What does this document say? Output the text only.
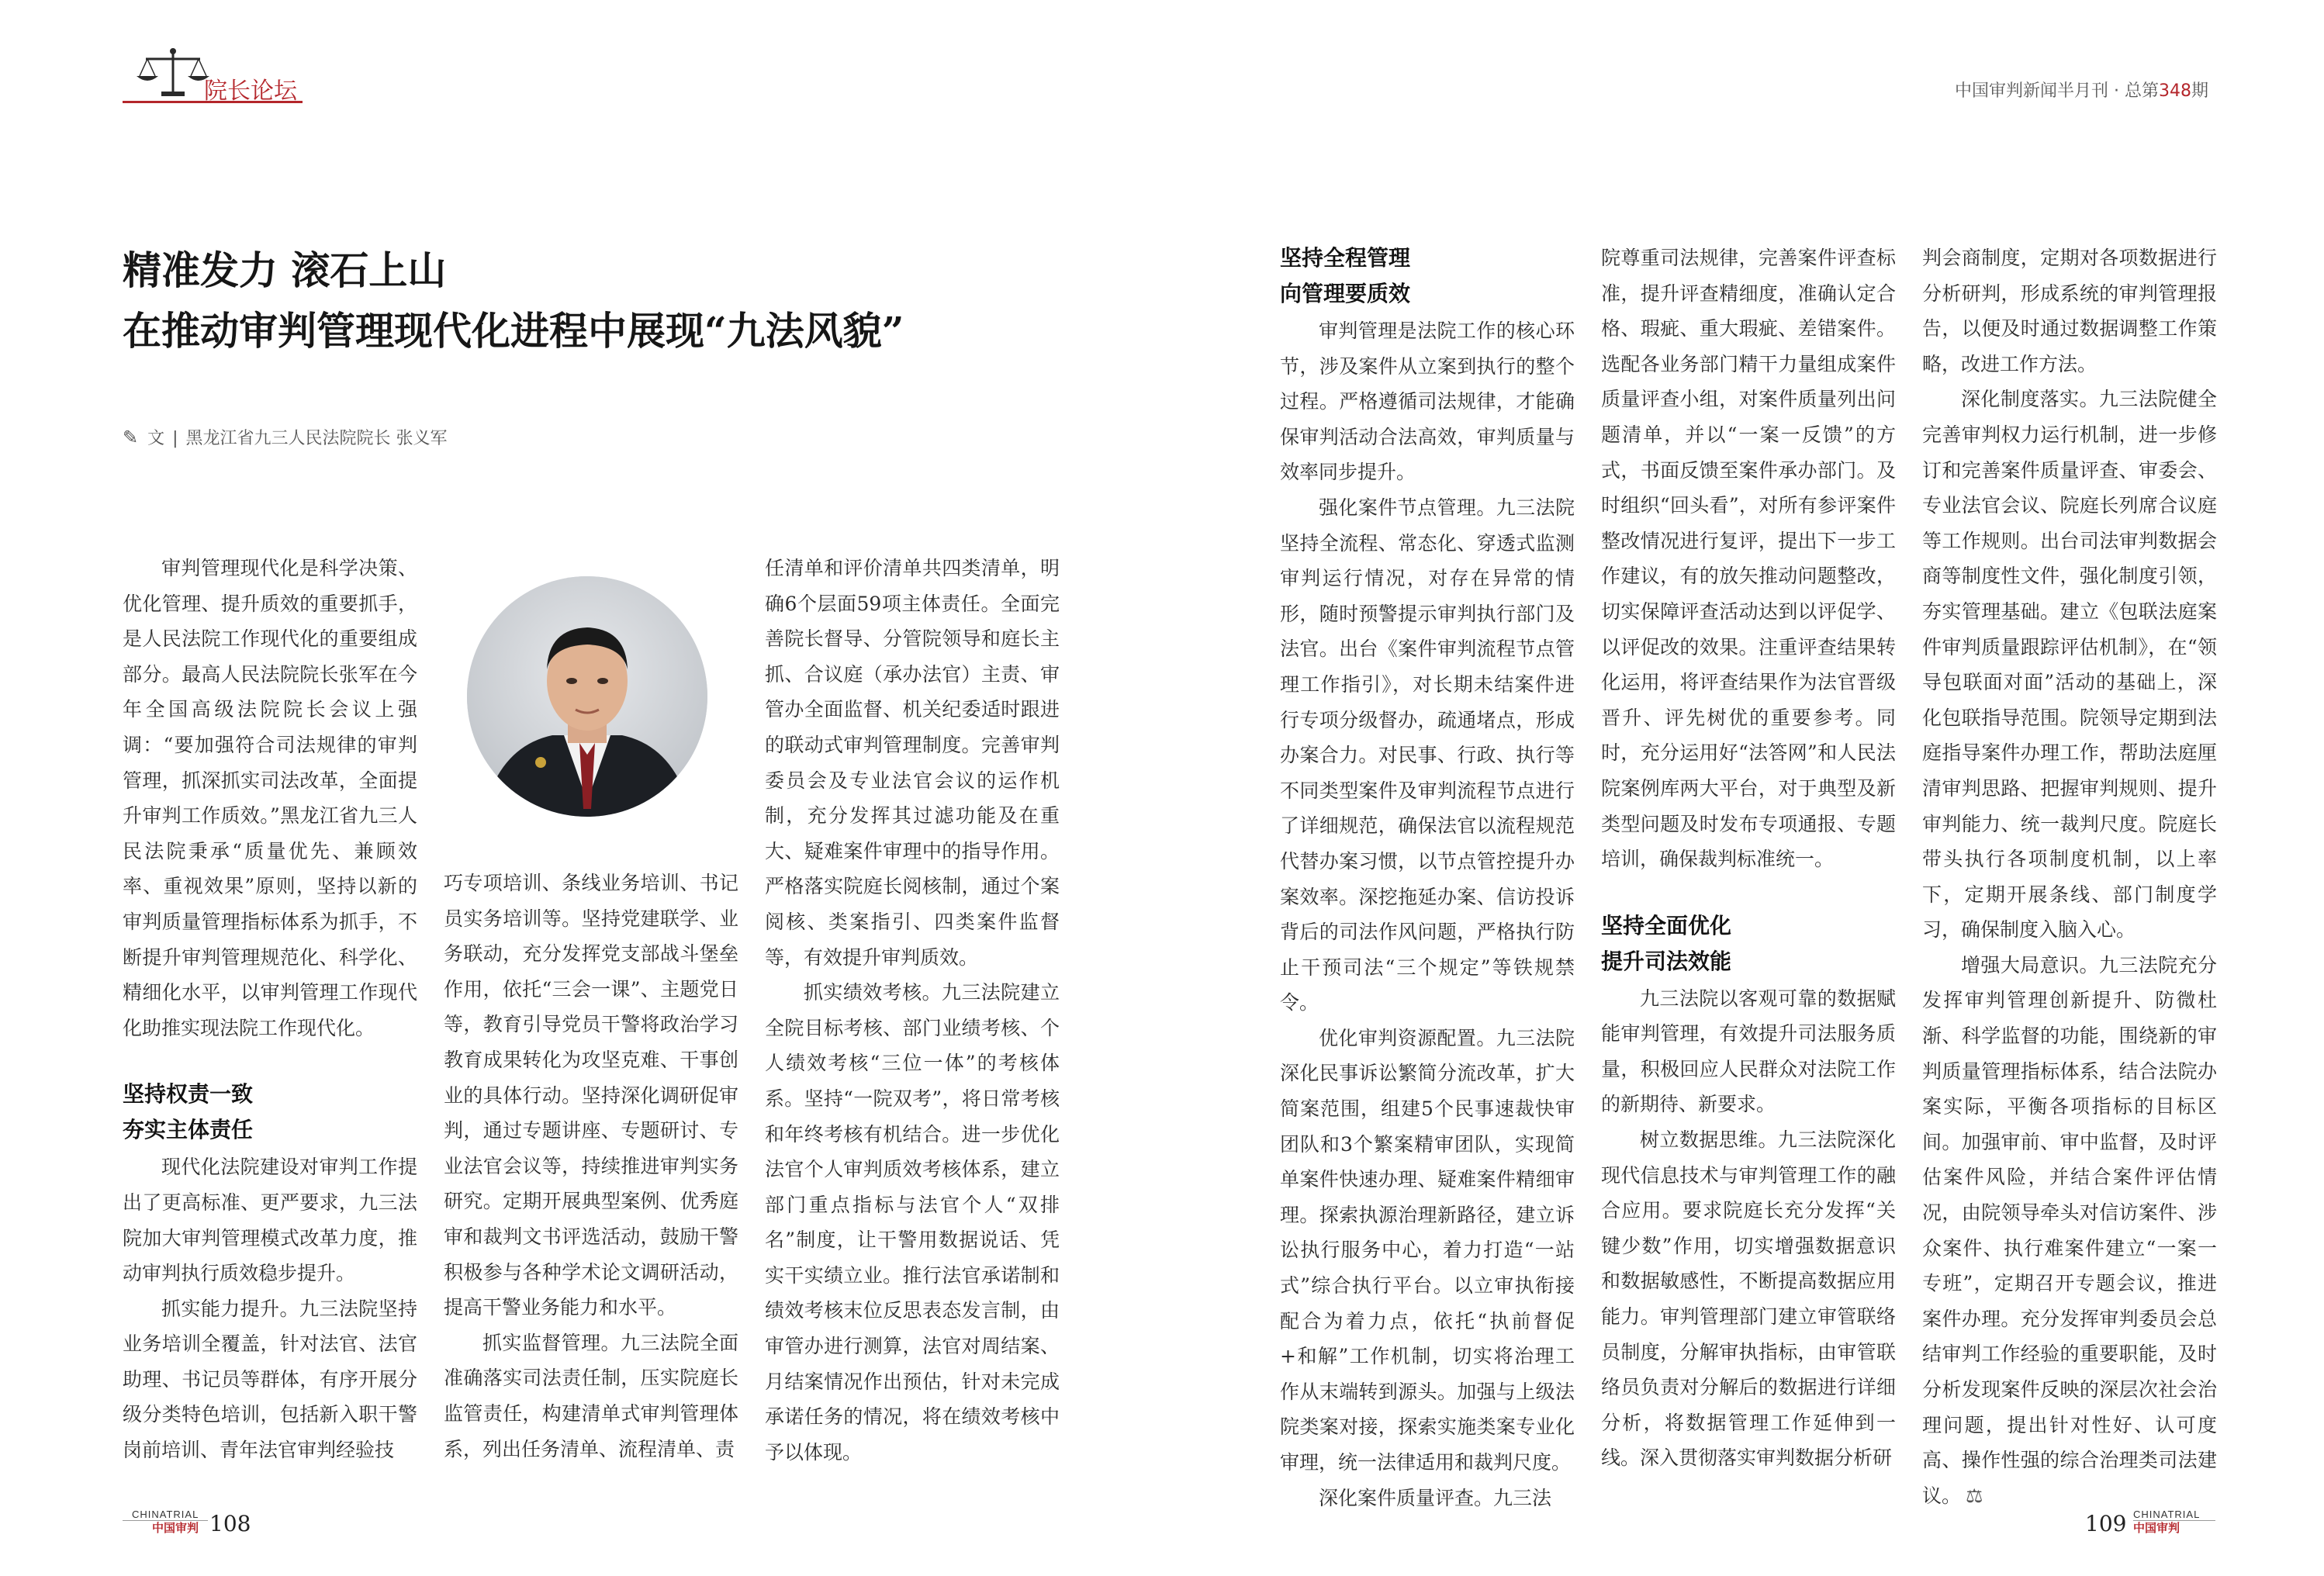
院长论坛	中国审判新闻半月刊 · 总第348期
精准发力 滚石上山
在推动审判管理现代化进程中展现“九法风貌”
✎ 文 | 黑龙江省九三人民法院院长 张义军

审判管理现代化是科学决策、优化管理、提升质效的重要抓手，是人民法院工作现代化的重要组成部分。最高人民法院院长张军在今年全国高级法院院长会议上强调：“要加强符合司法规律的审判管理，抓深抓实司法改革，全面提升审判工作质效。”黑龙江省九三人民法院秉承“质量优先、兼顾效率、重视效果”原则，坚持以新的审判质量管理指标体系为抓手，不断提升审判管理规范化、科学化、精细化水平，以审判管理工作现代化助推实现法院工作现代化。

坚持权责一致
夯实主体责任

现代化法院建设对审判工作提出了更高标准、更严要求，九三法院加大审判管理模式改革力度，推动审判执行质效稳步提升。

抓实能力提升。九三法院坚持业务培训全覆盖，针对法官、法官助理、书记员等群体，有序开展分级分类特色培训，包括新入职干警岗前培训、青年法官审判经验技

巧专项培训、条线业务培训、书记员实务培训等。坚持党建联学、业务联动，充分发挥党支部战斗堡垒作用，依托“三会一课”、主题党日等，教育引导党员干警将政治学习教育成果转化为攻坚克难、干事创业的具体行动。坚持深化调研促审判，通过专题讲座、专题研讨、专业法官会议等，持续推进审判实务研究。定期开展典型案例、优秀庭审和裁判文书评选活动，鼓励干警积极参与各种学术论文调研活动，提高干警业务能力和水平。

抓实监督管理。九三法院全面准确落实司法责任制，压实院庭长监管责任，构建清单式审判管理体系，列出任务清单、流程清单、责

任清单和评价清单共四类清单，明确6个层面59项主体责任。全面完善院长督导、分管院领导和庭长主抓、合议庭（承办法官）主责、审管办全面监督、机关纪委适时跟进的联动式审判管理制度。完善审判委员会及专业法官会议的运作机制，充分发挥其过滤功能及在重大、疑难案件审理中的指导作用。严格落实院庭长阅核制，通过个案阅核、类案指引、四类案件监督等，有效提升审判质效。

抓实绩效考核。九三法院建立全院目标考核、部门业绩考核、个人绩效考核“三位一体”的考核体系。坚持“一院双考”，将日常考核和年终考核有机结合。进一步优化法官个人审判质效考核体系，建立部门重点指标与法官个人“双排名”制度，让干警用数据说话、凭实干实绩立业。推行法官承诺制和绩效考核末位反思表态发言制，由审管办进行测算，法官对周结案、月结案情况作出预估，针对未完成承诺任务的情况，将在绩效考核中予以体现。

坚持全程管理
向管理要质效

审判管理是法院工作的核心环节，涉及案件从立案到执行的整个过程。严格遵循司法规律，才能确保审判活动合法高效，审判质量与效率同步提升。

强化案件节点管理。九三法院坚持全流程、常态化、穿透式监测审判运行情况，对存在异常的情形，随时预警提示审判执行部门及法官。出台《案件审判流程节点管理工作指引》，对长期未结案件进行专项分级督办，疏通堵点，形成办案合力。对民事、行政、执行等不同类型案件及审判流程节点进行了详细规范，确保法官以流程规范代替办案习惯，以节点管控提升办案效率。深挖拖延办案、信访投诉背后的司法作风问题，严格执行防止干预司法“三个规定”等铁规禁令。

优化审判资源配置。九三法院深化民事诉讼繁简分流改革，扩大简案范围，组建5个民事速裁快审团队和3个繁案精审团队，实现简单案件快速办理、疑难案件精细审理。探索执源治理新路径，建立诉讼执行服务中心，着力打造“一站式”综合执行平台。以立审执衔接配合为着力点，依托“执前督促+和解”工作机制，切实将治理工作从末端转到源头。加强与上级法院类案对接，探索实施类案专业化审理，统一法律适用和裁判尺度。

深化案件质量评查。九三法

院尊重司法规律，完善案件评查标准，提升评查精细度，准确认定合格、瑕疵、重大瑕疵、差错案件。选配各业务部门精干力量组成案件质量评查小组，对案件质量列出问题清单，并以“一案一反馈”的方式，书面反馈至案件承办部门。及时组织“回头看”，对所有参评案件整改情况进行复评，提出下一步工作建议，有的放矢推动问题整改，切实保障评查活动达到以评促学、以评促改的效果。注重评查结果转化运用，将评查结果作为法官晋级晋升、评先树优的重要参考。同时，充分运用好“法答网”和人民法院案例库两大平台，对于典型及新类型问题及时发布专项通报、专题培训，确保裁判标准统一。

坚持全面优化
提升司法效能

九三法院以客观可靠的数据赋能审判管理，有效提升司法服务质量，积极回应人民群众对法院工作的新期待、新要求。

树立数据思维。九三法院深化现代信息技术与审判管理工作的融合应用。要求院庭长充分发挥“关键少数”作用，切实增强数据意识和数据敏感性，不断提高数据应用能力。审判管理部门建立审管联络员制度，分解审执指标，由审管联络员负责对分解后的数据进行详细分析，将数据管理工作延伸到一线。深入贯彻落实审判数据分析研

判会商制度，定期对各项数据进行分析研判，形成系统的审判管理报告，以便及时通过数据调整工作策略，改进工作方法。

深化制度落实。九三法院健全完善审判权力运行机制，进一步修订和完善案件质量评查、审委会、专业法官会议、院庭长列席合议庭等工作规则。出台司法审判数据会商等制度性文件，强化制度引领，夯实管理基础。建立《包联法庭案件审判质量跟踪评估机制》，在“领导包联面对面”活动的基础上，深化包联指导范围。院领导定期到法庭指导案件办理工作，帮助法庭厘清审判思路、把握审判规则、提升审判能力、统一裁判尺度。院庭长带头执行各项制度机制，以上率下，定期开展条线、部门制度学习，确保制度入脑入心。

增强大局意识。九三法院充分发挥审判管理创新提升、防微杜渐、科学监督的功能，围绕新的审判质量管理指标体系，结合法院办案实际，平衡各项指标的目标区间。加强审前、审中监督，及时评估案件风险，并结合案件评估情况，由院领导牵头对信访案件、涉众案件、执行难案件建立“一案一专班”，定期召开专题会议，推进案件办理。充分发挥审判委员会总结审判工作经验的重要职能，及时分析发现案件反映的深层次社会治理问题，提出针对性好、认可度高、操作性强的综合治理类司法建议。 ⚖

CHINATRIAL
中国审判 108	109 CHINATRIAL
中国审判
